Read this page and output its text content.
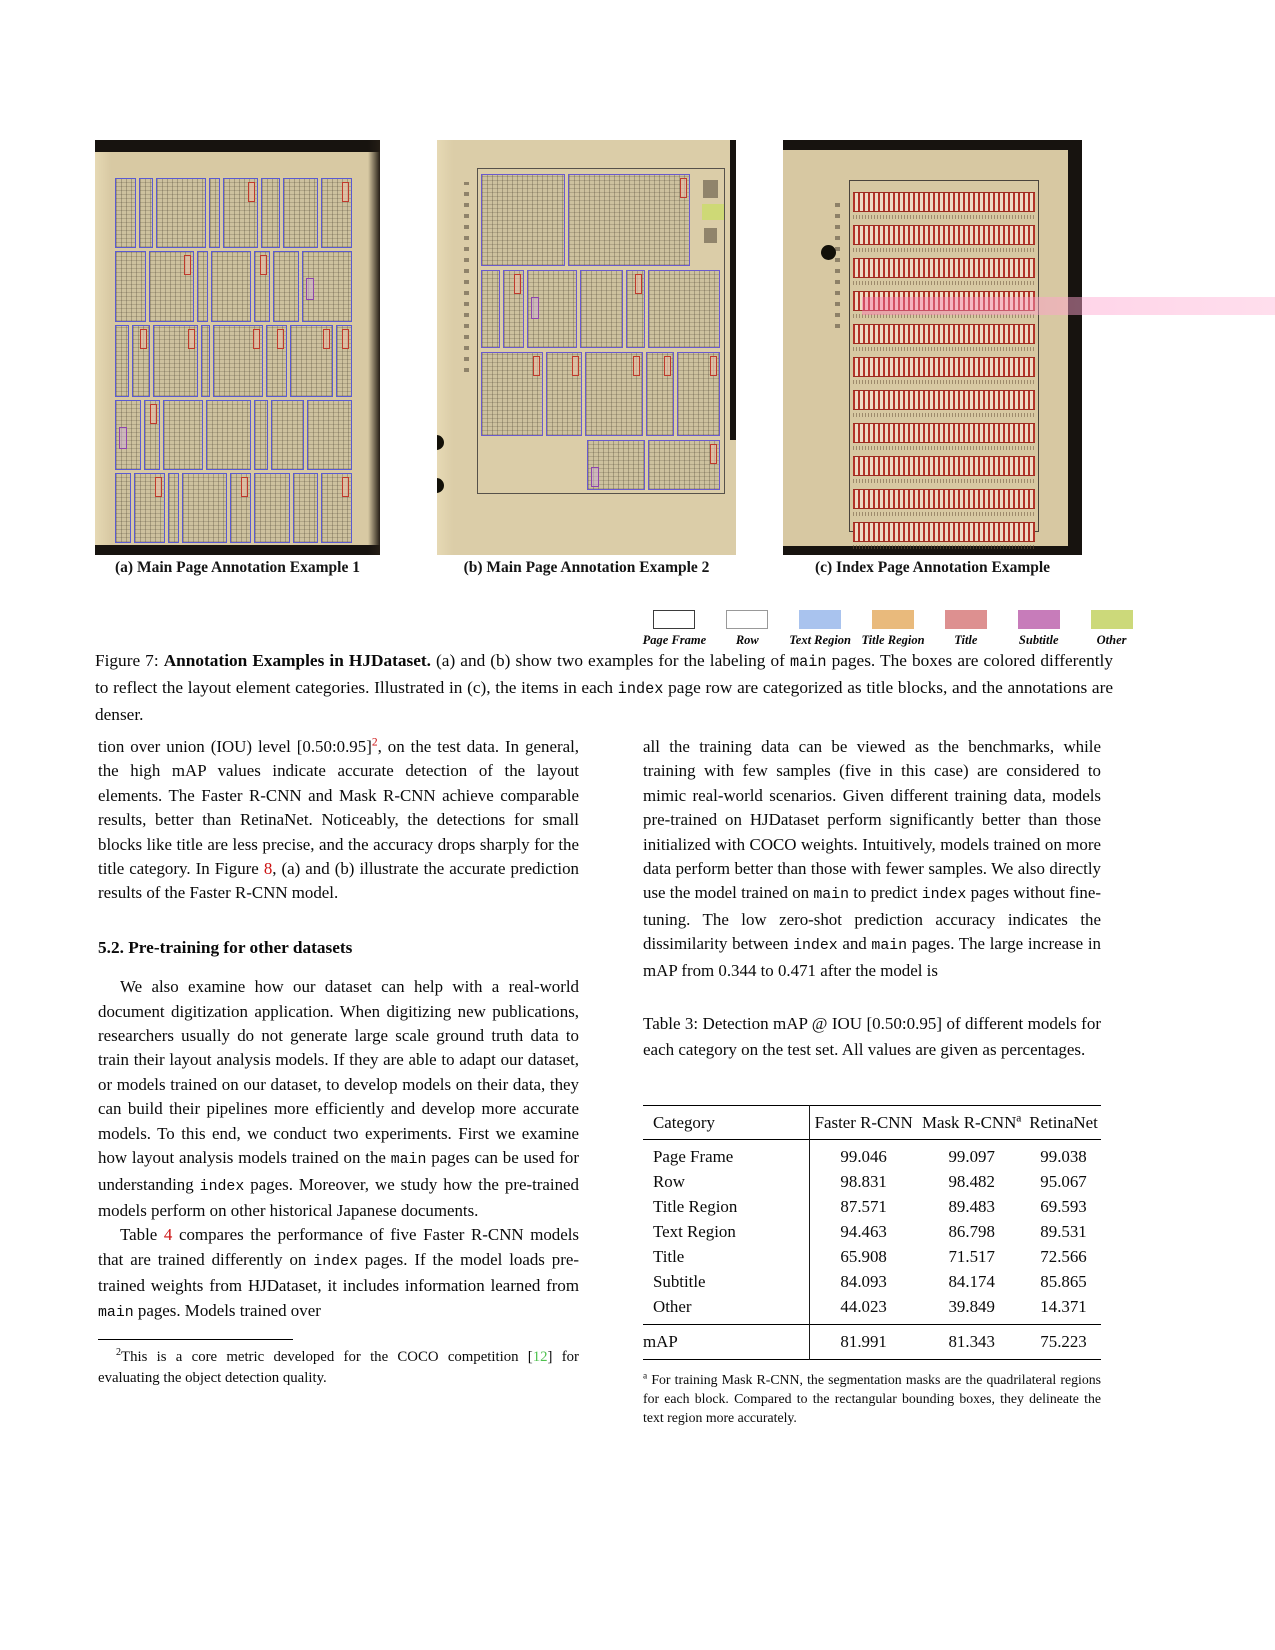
(a) Main Page Annotation Example 1	(b) Main Page Annotation Example 2	(c) Index Page Annotation Example
Page Frame Row Text Region Title Region Title	Subtitle	Other
Figure 7: Annotation Examples in HJDataset. (a) and (b) show two examples for the labeling of main pages. The boxes are colored differently to reflect the layout element categories. Illustrated in (c), the items in each index page row are categorized as title blocks, and the annotations are denser.

tion over union (IOU) level [0.50:0.95]$^2$, on the test data. In general, the high mAP values indicate accurate detection of the layout elements. The Faster R-CNN and Mask R-CNN achieve comparable results, better than RetinaNet. Noticeably, the detections for small blocks like title are less precise, and the accuracy drops sharply for the title category. In Figure 8, (a) and (b) illustrate the accurate prediction results of the Faster R-CNN model.

5.2. Pre-training for other datasets

We also examine how our dataset can help with a real-world document digitization application. When digitizing new publications, researchers usually do not generate large scale ground truth data to train their layout analysis models. If they are able to adapt our dataset, or models trained on our dataset, to develop models on their data, they can build their pipelines more efficiently and develop more accurate models. To this end, we conduct two experiments. First we examine how layout analysis models trained on the main pages can be used for understanding index pages. Moreover, we study how the pre-trained models perform on other historical Japanese documents.

Table 4 compares the performance of five Faster R-CNN models that are trained differently on index pages. If the model loads pre-trained weights from HJDataset, it includes information learned from main pages. Models trained over

$^2$This is a core metric developed for the COCO competition [12] for evaluating the object detection quality.

all the training data can be viewed as the benchmarks, while training with few samples (five in this case) are considered to mimic real-world scenarios. Given different training data, models pre-trained on HJDataset perform significantly better than those initialized with COCO weights. Intuitively, models trained on more data perform better than those with fewer samples. We also directly use the model trained on main to predict index pages without fine-tuning. The low zero-shot prediction accuracy indicates the dissimilarity between index and main pages. The large increase in mAP from 0.344 to 0.471 after the model is

Table 3: Detection mAP @ IOU [0.50:0.95] of different models for each category on the test set. All values are given as percentages.
Category	Faster R-CNN	Mask R-CNN$^a$	RetinaNet
Page Frame	99.046	99.097	99.038
Row	98.831	98.482	95.067
Title Region	87.571	89.483	69.593
Text Region	94.463	86.798	89.531
Title	65.908	71.517	72.566
Subtitle	84.093	84.174	85.865
Other	44.023	39.849	14.371
mAP	81.991	81.343	75.223
$^a$ For training Mask R-CNN, the segmentation masks are the quadrilateral regions for each block. Compared to the rectangular bounding boxes, they delineate the text region more accurately.
